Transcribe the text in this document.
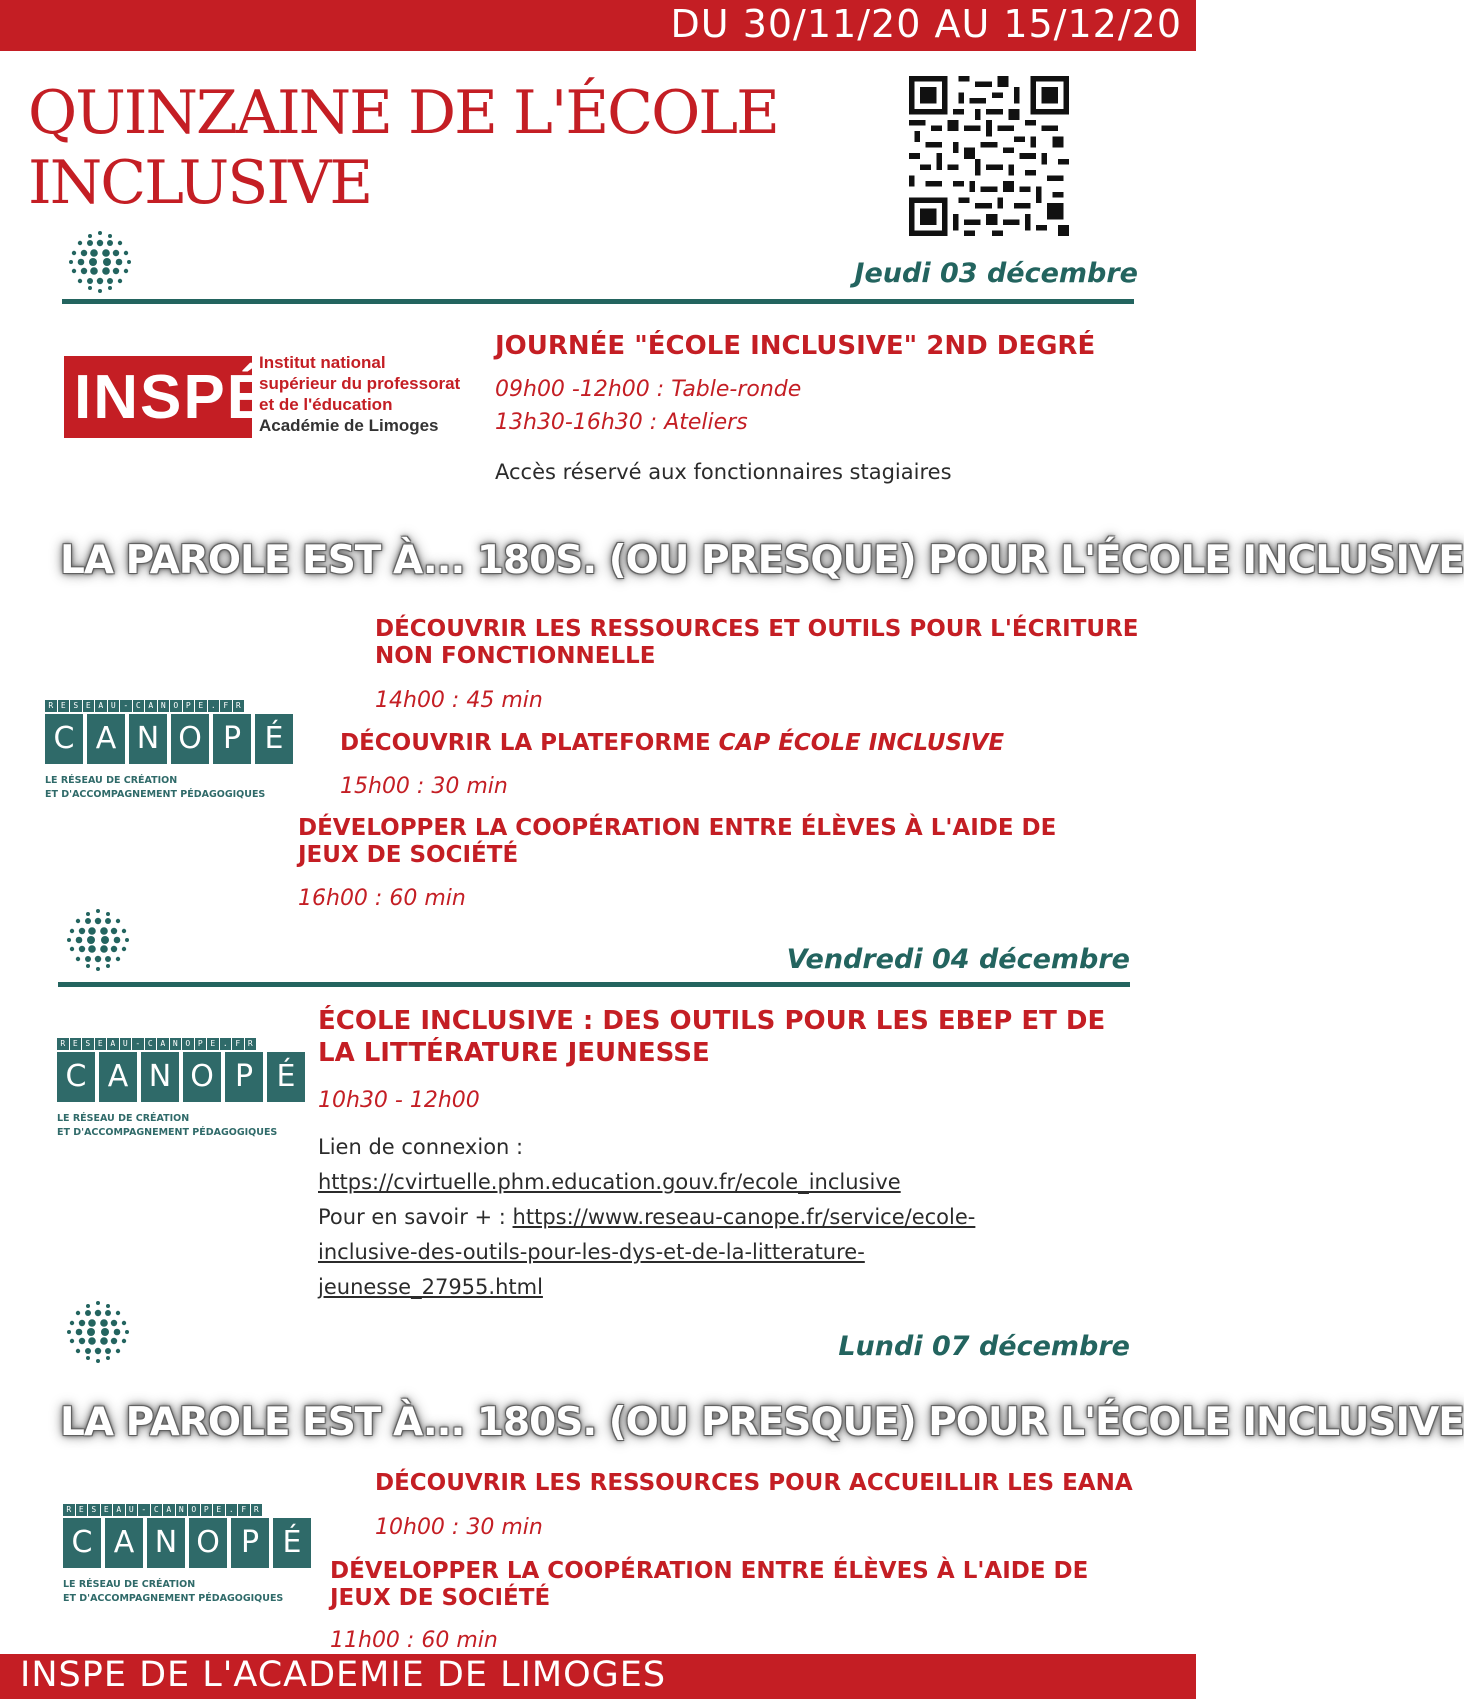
DU 30/11/20 AU 15/12/20
QUINZAINE DE L'ÉCOLE
INCLUSIVE
Jeudi 03 décembre
INSPÉ
Institut national
supérieur du professorat
et de l'éducation
Académie de Limoges
JOURNÉE "ÉCOLE INCLUSIVE" 2ND DEGRÉ
09h00 -12h00 : Table-ronde
13h30-16h30 : Ateliers
Accès réservé aux fonctionnaires stagiaires
LA PAROLE EST À... 180S. (OU PRESQUE) POUR L'ÉCOLE INCLUSIVE
DÉCOUVRIR LES RESSOURCES ET OUTILS POUR L'ÉCRITURE
NON FONCTIONNELLE
14h00 : 45 min
R E S E A U - C A N O P E . F R
C A N O P É
LE RÉSEAU DE CRÉATION
ET D'ACCOMPAGNEMENT PÉDAGOGIQUES
DÉCOUVRIR LA PLATEFORME CAP ÉCOLE INCLUSIVE
15h00 : 30 min
DÉVELOPPER LA COOPÉRATION ENTRE ÉLÈVES À L'AIDE DE
JEUX DE SOCIÉTÉ
16h00 : 60 min
Vendredi 04 décembre
R E S E A U - C A N O P E . F R
C A N O P É
LE RÉSEAU DE CRÉATION
ET D'ACCOMPAGNEMENT PÉDAGOGIQUES
ÉCOLE INCLUSIVE : DES OUTILS POUR LES EBEP ET DE
LA LITTÉRATURE JEUNESSE
10h30 - 12h00
Lien de connexion :
https://cvirtuelle.phm.education.gouv.fr/ecole_inclusive
Pour en savoir + : https://www.reseau-canope.fr/service/ecole-
inclusive-des-outils-pour-les-dys-et-de-la-litterature-
jeunesse_27955.html
Lundi 07 décembre
LA PAROLE EST À... 180S. (OU PRESQUE) POUR L'ÉCOLE INCLUSIVE
DÉCOUVRIR LES RESSOURCES POUR ACCUEILLIR LES EANA
10h00 : 30 min
R E S E A U - C A N O P E . F R
C A N O P É
LE RÉSEAU DE CRÉATION
ET D'ACCOMPAGNEMENT PÉDAGOGIQUES
DÉVELOPPER LA COOPÉRATION ENTRE ÉLÈVES À L'AIDE DE
JEUX DE SOCIÉTÉ
11h00 : 60 min
INSPE DE L'ACADEMIE DE LIMOGES
